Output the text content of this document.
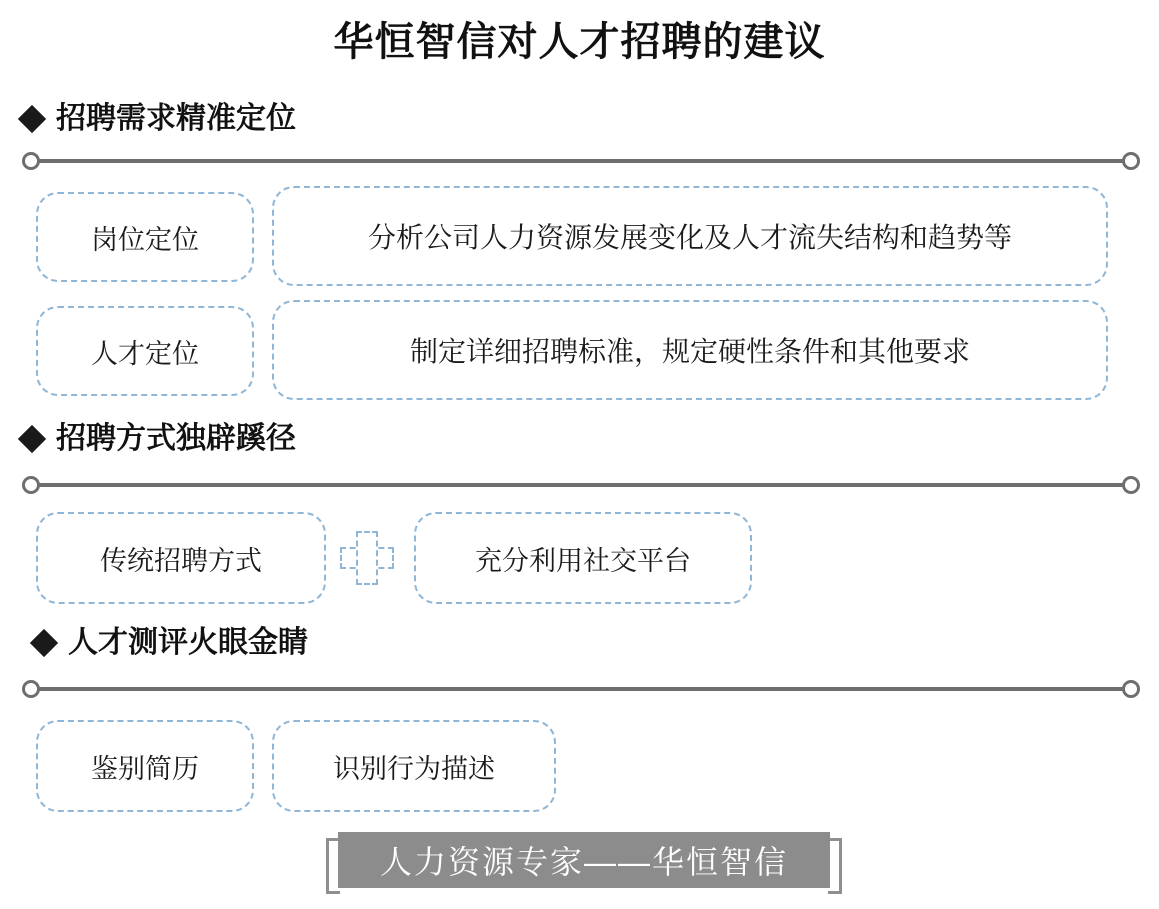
华恒智信对人才招聘的建议
招聘需求精准定位
岗位定位	分析公司人力资源发展变化及人才流失结构和趋势等
人才定位	制定详细招聘标准，规定硬性条件和其他要求
招聘方式独辟蹊径
传统招聘方式	充分利用社交平台
人才测评火眼金睛
鉴别简历	识别行为描述
人力资源专家——华恒智信
